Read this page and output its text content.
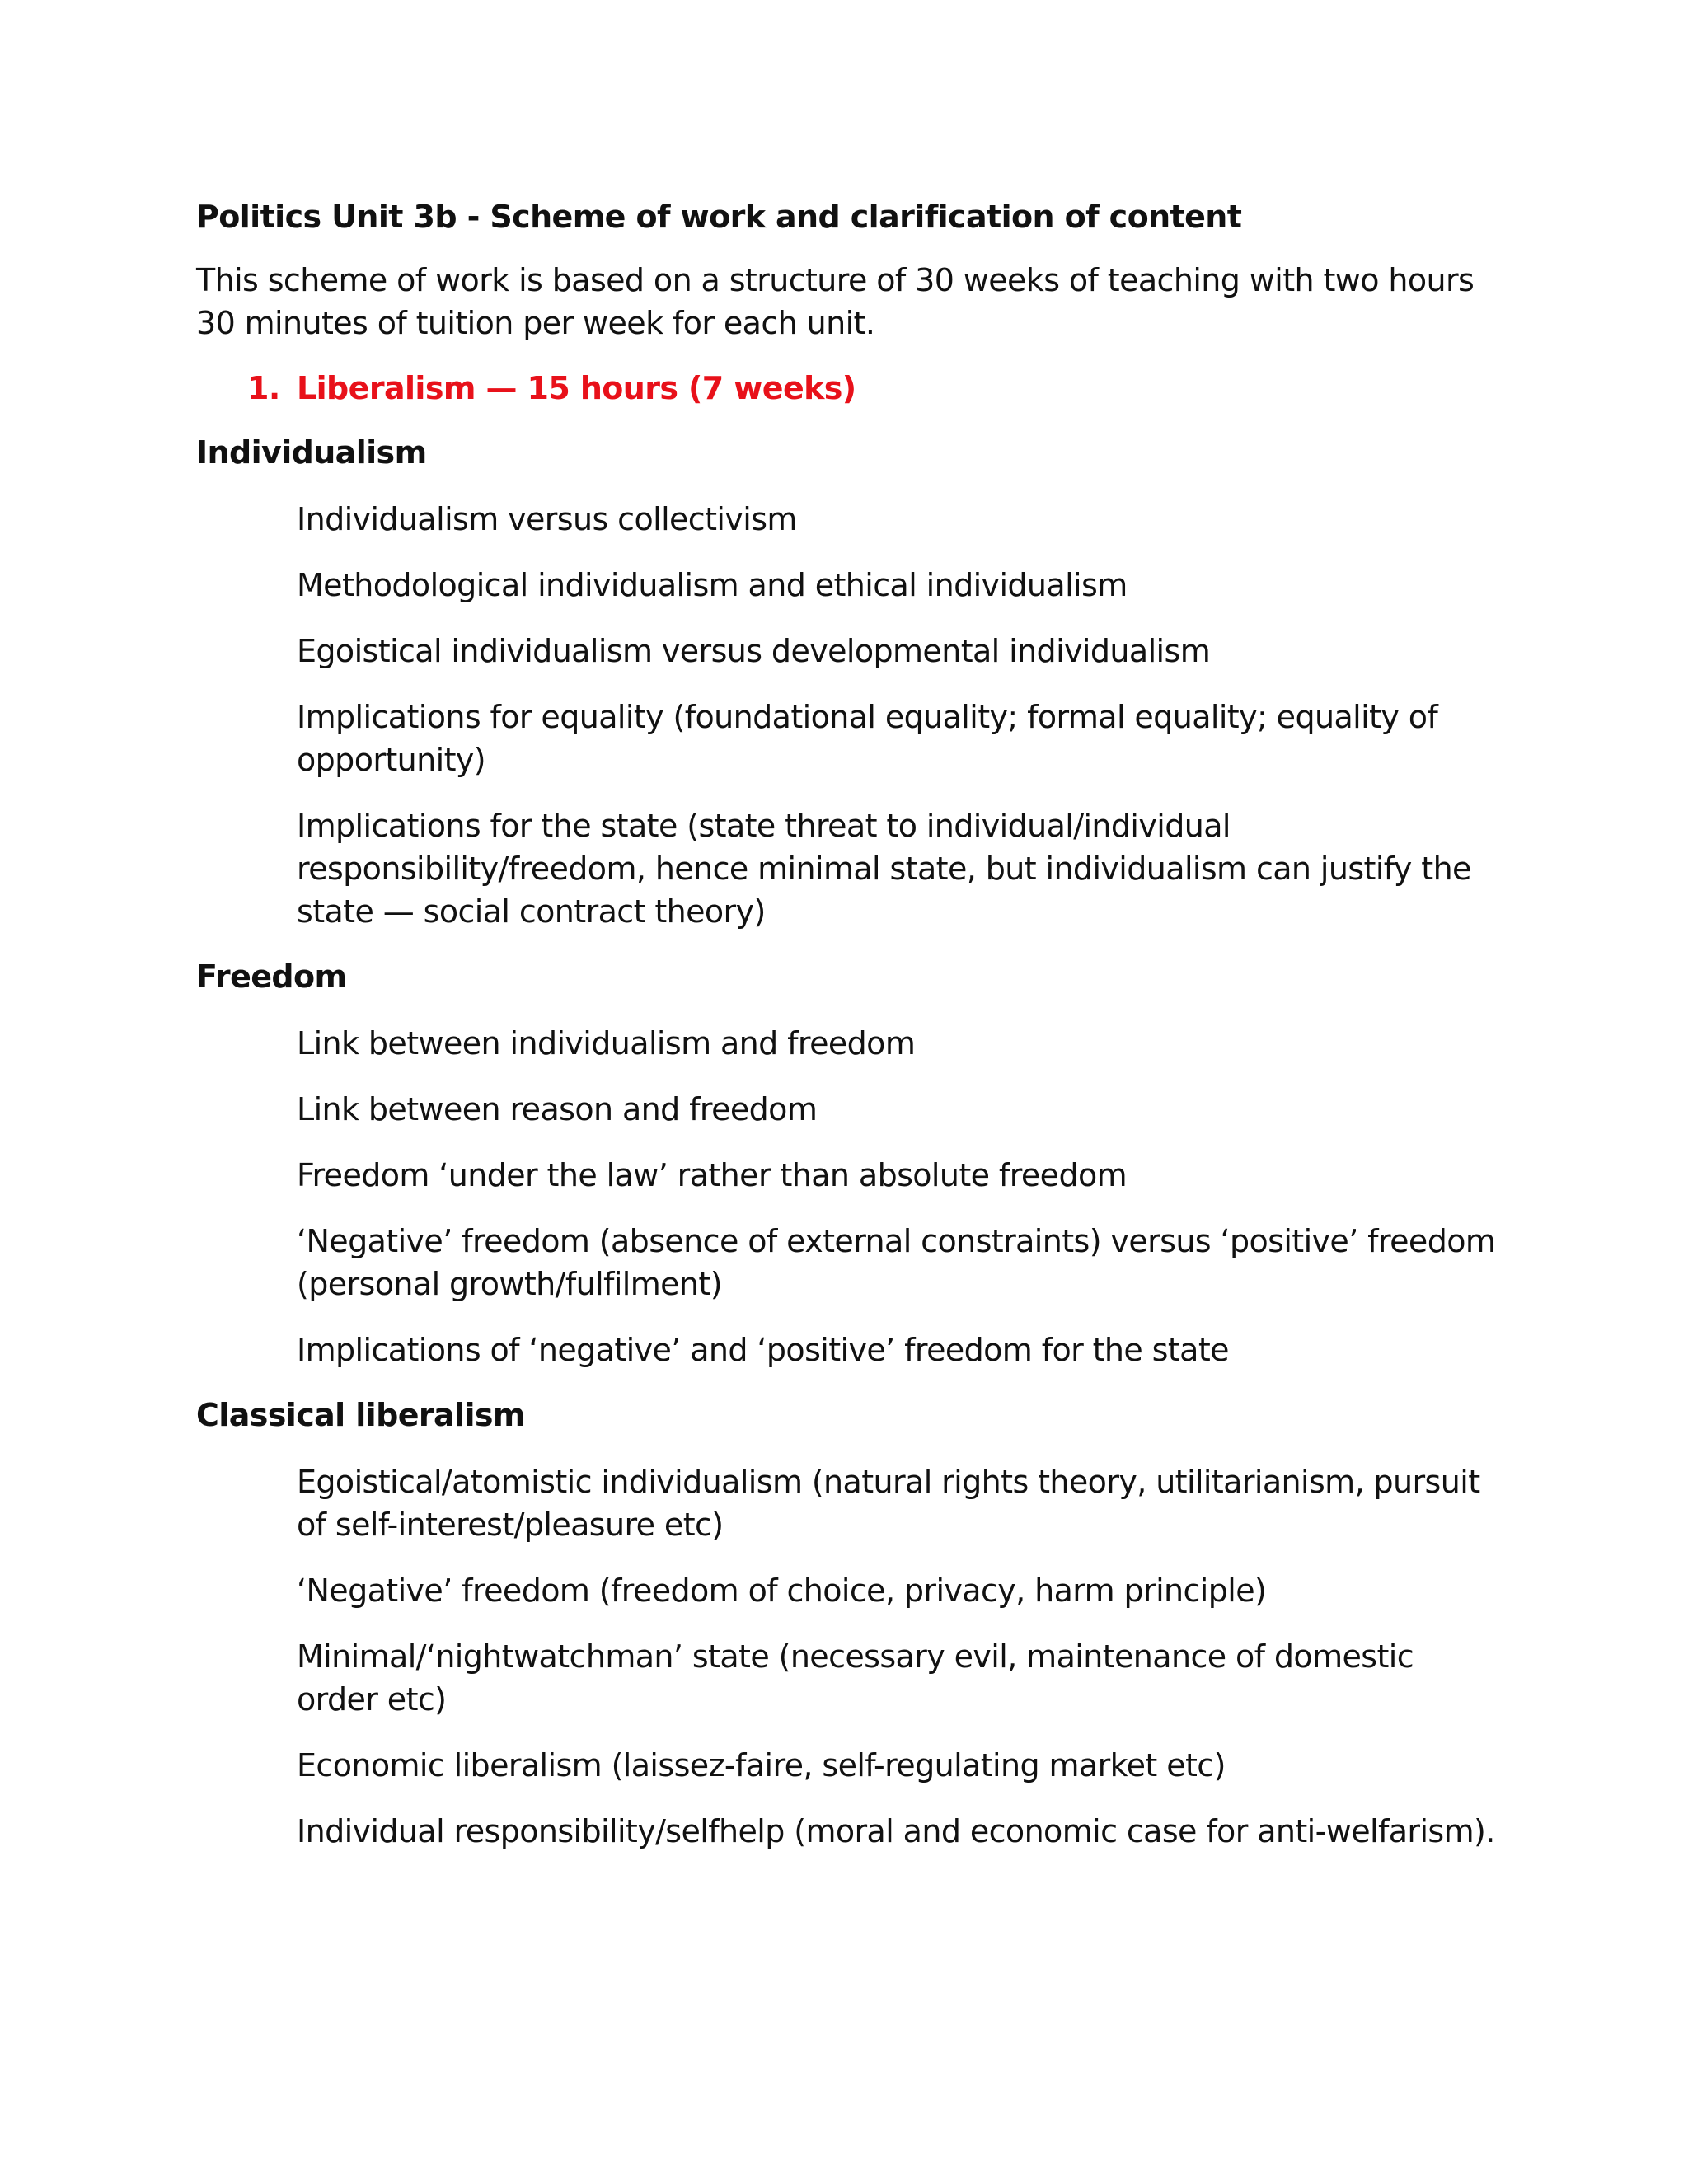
Politics Unit 3b - Scheme of work and clarification of content

This scheme of work is based on a structure of 30 weeks of teaching with two hours 30 minutes of tuition per week for each unit.

1. Liberalism — 15 hours (7 weeks)
Individualism
Individualism versus collectivism
Methodological individualism and ethical individualism
Egoistical individualism versus developmental individualism
Implications for equality (foundational equality; formal equality; equality of opportunity)
Implications for the state (state threat to individual/individual responsibility/freedom, hence minimal state, but individualism can justify the state — social contract theory)
Freedom
Link between individualism and freedom
Link between reason and freedom
Freedom ‘under the law’ rather than absolute freedom
‘Negative’ freedom (absence of external constraints) versus ‘positive’ freedom (personal growth/fulfilment)
Implications of ‘negative’ and ‘positive’ freedom for the state
Classical liberalism
Egoistical/atomistic individualism (natural rights theory, utilitarianism, pursuit of self-interest/pleasure etc)
‘Negative’ freedom (freedom of choice, privacy, harm principle)
Minimal/‘nightwatchman’ state (necessary evil, maintenance of domestic order etc)
Economic liberalism (laissez-faire, self-regulating market etc)
Individual responsibility/selfhelp (moral and economic case for anti-welfarism).
